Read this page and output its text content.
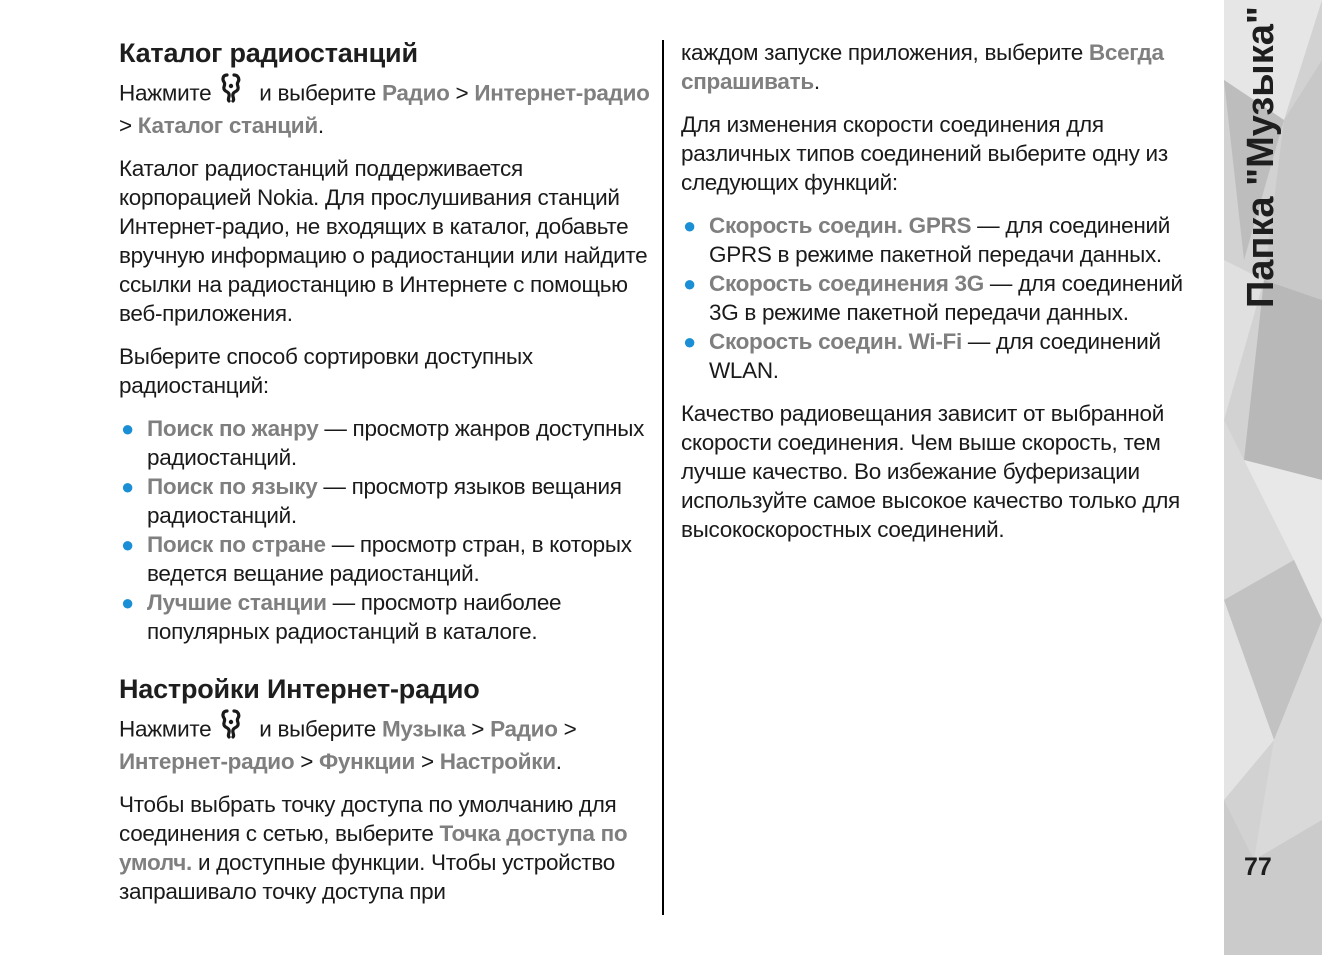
Каталог радиостанций

Нажмите и выберите Радио > Интернет-радио > Каталог станций.

Каталог радиостанций поддерживается корпорацией Nokia. Для прослушивания станций Интернет-радио, не входящих в каталог, добавьте вручную информацию о радиостанции или найдите ссылки на радиостанцию в Интернете с помощью веб-приложения.

Выберите способ сортировки доступных радиостанций:

● Поиск по жанру — просмотр жанров доступных радиостанций.
● Поиск по языку — просмотр языков вещания радиостанций.
● Поиск по стране — просмотр стран, в которых ведется вещание радиостанций.
● Лучшие станции — просмотр наиболее популярных радиостанций в каталоге.
Настройки Интернет-радио

Нажмите и выберите Музыка > Радио > Интернет-радио > Функции > Настройки.

Чтобы выбрать точку доступа по умолчанию для соединения с сетью, выберите Точка доступа по умолч. и доступные функции. Чтобы устройство запрашивало точку доступа при

каждом запуске приложения, выберите Всегда спрашивать.

Для изменения скорости соединения для различных типов соединений выберите одну из следующих функций:

● Скорость соедин. GPRS — для соединений GPRS в режиме пакетной передачи данных.
● Скорость соединения 3G — для соединений 3G в режиме пакетной передачи данных.
● Скорость соедин. Wi-Fi — для соединений WLAN.

Качество радиовещания зависит от выбранной скорости соединения. Чем выше скорость, тем лучше качество. Во избежание буферизации используйте самое высокое качество только для высокоскоростных соединений.

Папка "Музыка"
77
